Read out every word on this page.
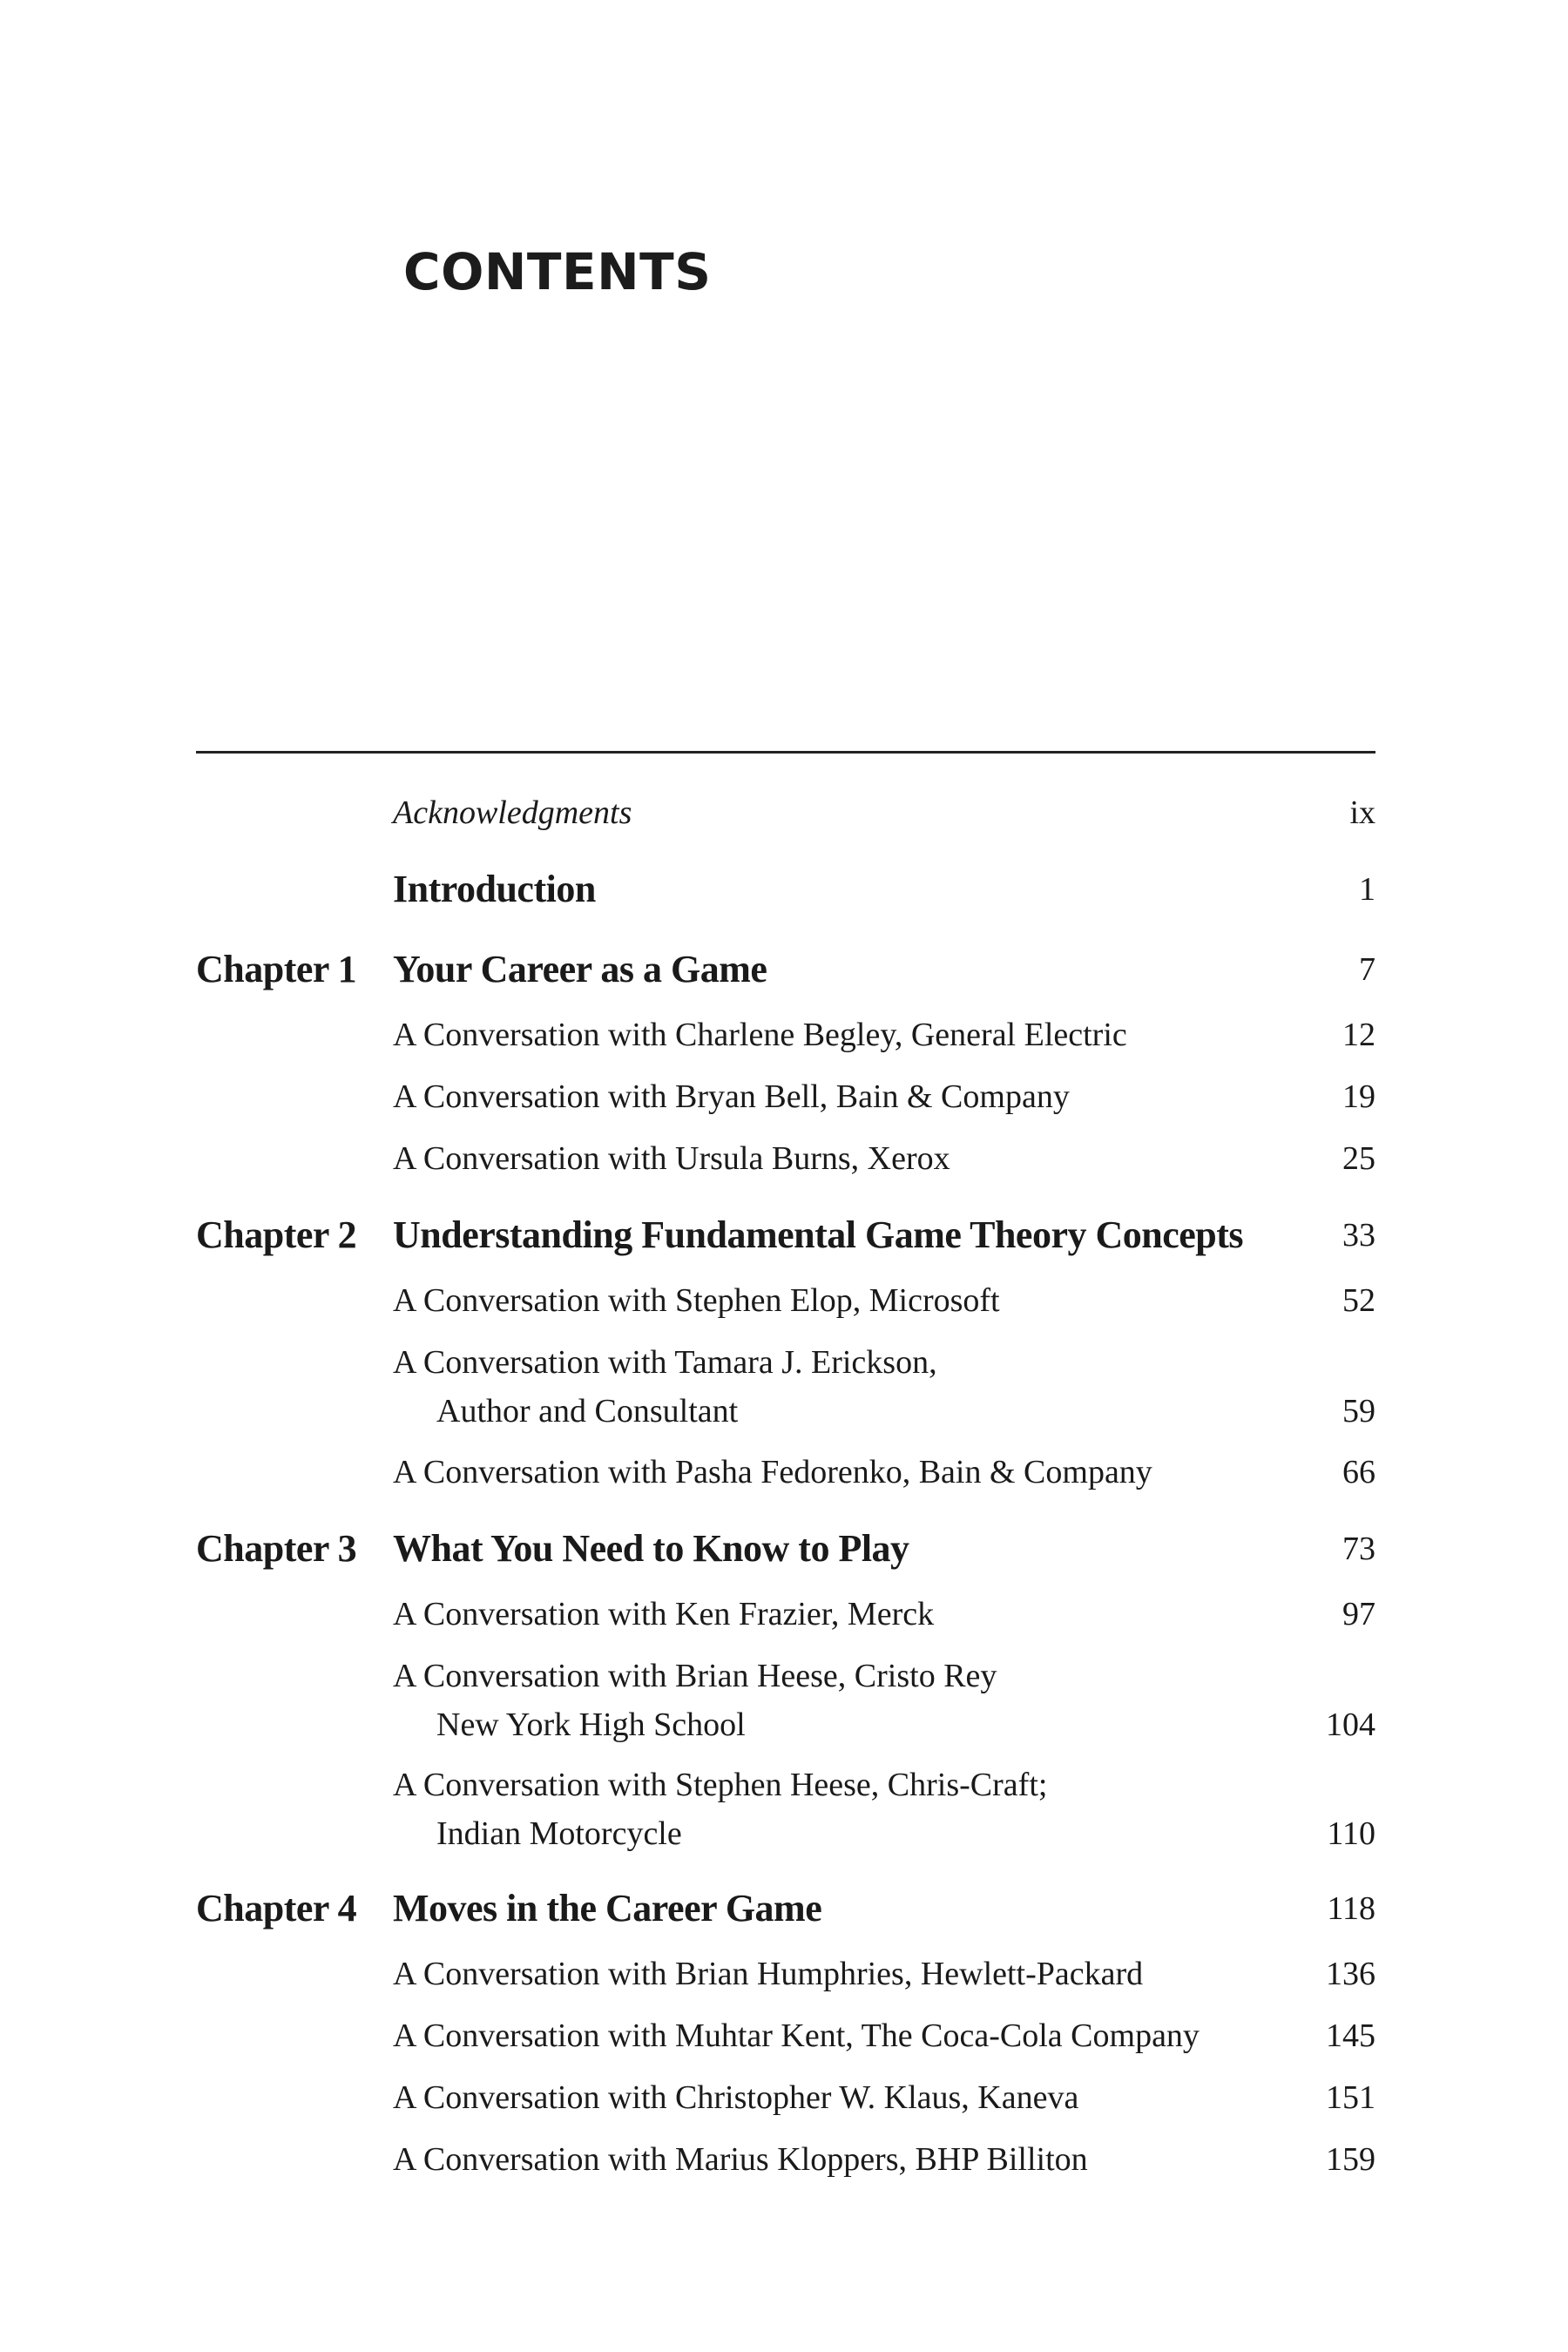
CONTENTS
Acknowledgments	ix
Introduction	1
Chapter 1 Your Career as a Game	7
A Conversation with Charlene Begley, General Electric	12
A Conversation with Bryan Bell, Bain & Company	19
A Conversation with Ursula Burns, Xerox	25
Chapter 2 Understanding Fundamental Game Theory Concepts	33
A Conversation with Stephen Elop, Microsoft	52
A Conversation with Tamara J. Erickson,
Author and Consultant	59
A Conversation with Pasha Fedorenko, Bain & Company	66
Chapter 3 What You Need to Know to Play	73
A Conversation with Ken Frazier, Merck	97
A Conversation with Brian Heese, Cristo Rey
New York High School	104
A Conversation with Stephen Heese, Chris-Craft;
Indian Motorcycle	110
Chapter 4 Moves in the Career Game	118
A Conversation with Brian Humphries, Hewlett-Packard	136
A Conversation with Muhtar Kent, The Coca-Cola Company	145
A Conversation with Christopher W. Klaus, Kaneva	151
A Conversation with Marius Kloppers, BHP Billiton	159
